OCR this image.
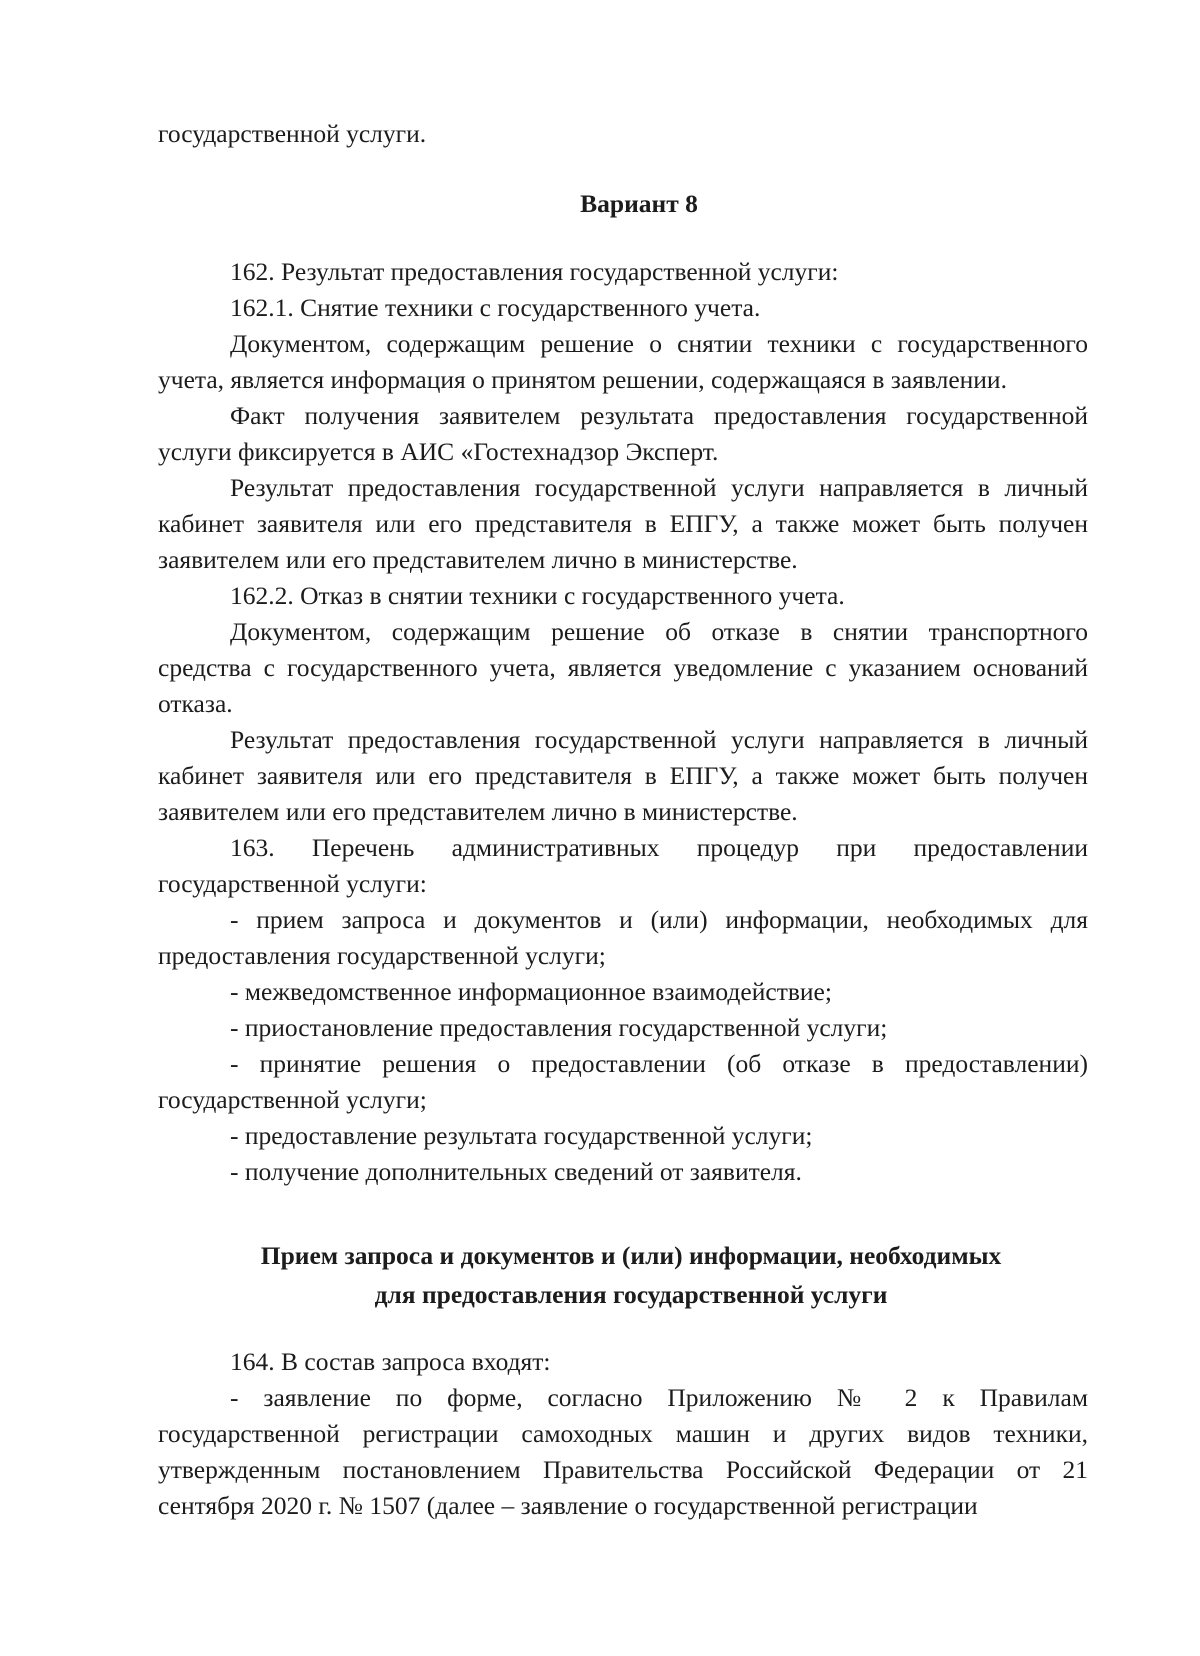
государственной услуги.

Вариант 8

162. Результат предоставления государственной услуги:

162.1. Снятие техники с государственного учета.

Документом, содержащим решение о снятии техники с государственного учета, является информация о принятом решении, содержащаяся в заявлении.

Факт получения заявителем результата предоставления государственной услуги фиксируется в АИС «Гостехнадзор Эксперт.

Результат предоставления государственной услуги направляется в личный кабинет заявителя или его представителя в ЕПГУ, а также может быть получен заявителем или его представителем лично в министерстве.

162.2. Отказ в снятии техники с государственного учета.

Документом, содержащим решение об отказе в снятии транспортного средства с государственного учета, является уведомление с указанием оснований отказа.

Результат предоставления государственной услуги направляется в личный кабинет заявителя или его представителя в ЕПГУ, а также может быть получен заявителем или его представителем лично в министерстве.

163. Перечень административных процедур при предоставлении государственной услуги:

- прием запроса и документов и (или) информации, необходимых для предоставления государственной услуги;

- межведомственное информационное взаимодействие;

- приостановление предоставления государственной услуги;

- принятие решения о предоставлении (об отказе в предоставлении) государственной услуги;

- предоставление результата государственной услуги;

- получение дополнительных сведений от заявителя.

Прием запроса и документов и (или) информации, необходимых

для предоставления государственной услуги

164. В состав запроса входят:

- заявление по форме, согласно Приложению № 2 к Правилам государственной регистрации самоходных машин и других видов техники, утвержденным постановлением Правительства Российской Федерации от 21 сентября 2020 г. № 1507 (далее – заявление о государственной регистрации
